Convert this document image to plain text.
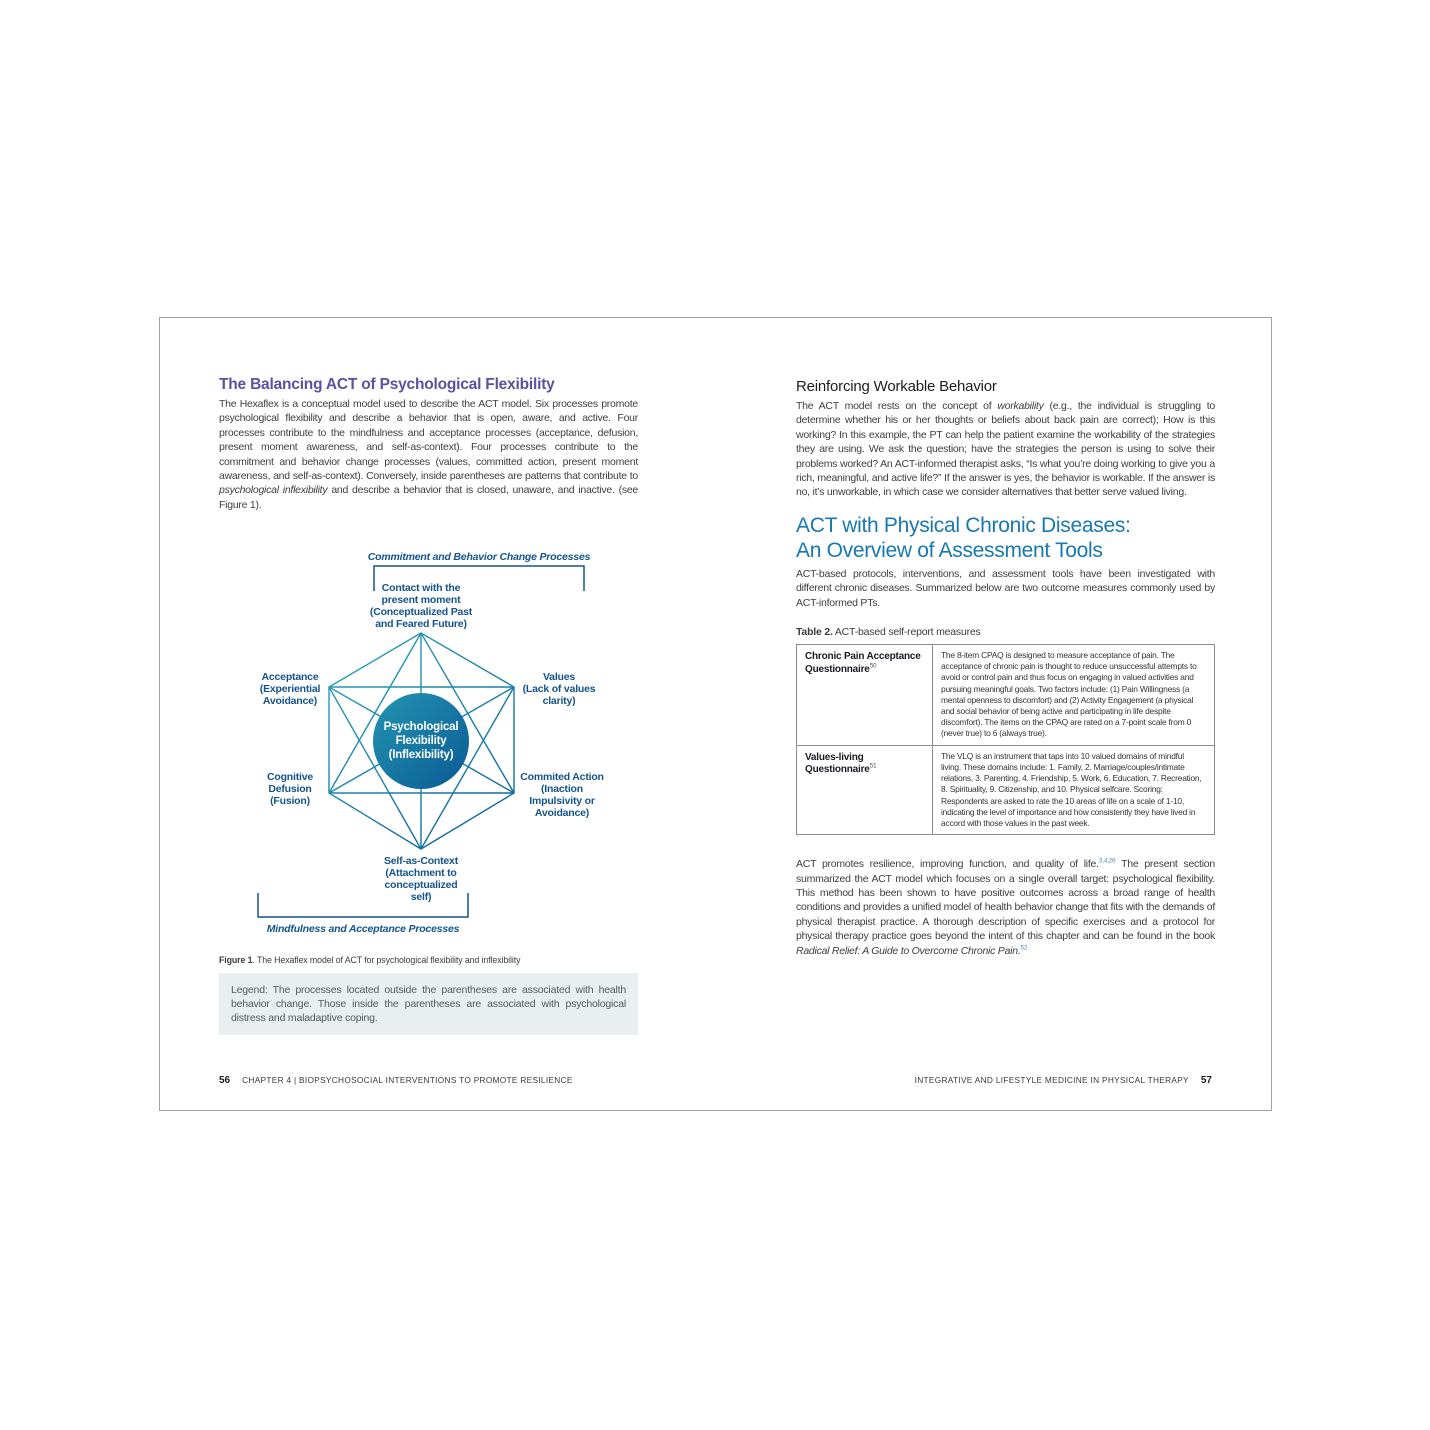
The Balancing ACT of Psychological Flexibility
The Hexaflex is a conceptual model used to describe the ACT model. Six processes promote psychological flexibility and describe a behavior that is open, aware, and active. Four processes contribute to the mindfulness and acceptance processes (acceptance, defusion, present moment awareness, and self-as-context). Four processes contribute to the commitment and behavior change processes (values, committed action, present moment awareness, and self-as-context). Conversely, inside parentheses are patterns that contribute to psychological inflexibility and describe a behavior that is closed, unaware, and inactive. (see Figure 1).
Commitment and Behavior Change Processes
Psychological
Flexibility
(Inflexibility)
Contact with the
present moment
(Conceptualized Past
and Feared Future)
Acceptance
(Experiential
Avoidance)
Values
(Lack of values
clarity)
Cognitive
Defusion
(Fusion)
Commited Action
(Inaction
Impulsivity or
Avoidance)
Self-as-Context
(Attachment to
conceptualized
self)
Mindfulness and Acceptance Processes
Figure 1. The Hexaflex model of ACT for psychological flexibility and inflexibility
Legend: The processes located outside the parentheses are associated with health behavior change. Those inside the parentheses are associated with psychological distress and maladaptive coping.
56 CHAPTER 4 | BIOPSYCHOSOCIAL INTERVENTIONS TO PROMOTE RESILIENCE
Reinforcing Workable Behavior
The ACT model rests on the concept of workability (e.g., the individual is struggling to determine whether his or her thoughts or beliefs about back pain are correct); How is this working? In this example, the PT can help the patient examine the workability of the strategies they are using. We ask the question; have the strategies the person is using to solve their problems worked? An ACT-informed therapist asks, “Is what you’re doing working to give you a rich, meaningful, and active life?” If the answer is yes, the behavior is workable. If the answer is no, it’s unworkable, in which case we consider alternatives that better serve valued living.
ACT with Physical Chronic Diseases:
An Overview of Assessment Tools
ACT-based protocols, interventions, and assessment tools have been investigated with different chronic diseases. Summarized below are two outcome measures commonly used by ACT-informed PTs.
Table 2. ACT-based self-report measures
Chronic Pain Acceptance Questionnaire$^{50}$	The 8-item CPAQ is designed to measure acceptance of pain. The acceptance of chronic pain is thought to reduce unsuccessful attempts to avoid or control pain and thus focus on engaging in valued activities and pursuing meaningful goals. Two factors include: (1) Pain Willingness (a mental openness to discomfort) and (2) Activity Engagement (a physical and social behavior of being active and participating in life despite discomfort). The items on the CPAQ are rated on a 7-point scale from 0 (never true) to 6 (always true).
Values-living Questionnaire$^{51}$	The VLQ is an instrument that taps into 10 valued domains of mindful living. These domains include: 1. Family, 2. Marriage/couples/intimate relations, 3. Parenting, 4. Friendship, 5. Work, 6. Education, 7. Recreation, 8. Spirituality, 9. Citizenship, and 10. Physical selfcare. Scoring: Respondents are asked to rate the 10 areas of life on a scale of 1-10, indicating the level of importance and how consistently they have lived in accord with those values in the past week.
ACT promotes resilience, improving function, and quality of life.$^{3,4,26}$ The present section summarized the ACT model which focuses on a single overall target: psychological flexibility. This method has been shown to have positive outcomes across a broad range of health conditions and provides a unified model of health behavior change that fits with the demands of physical therapist practice. A thorough description of specific exercises and a protocol for physical therapy practice goes beyond the intent of this chapter and can be found in the book Radical Relief: A Guide to Overcome Chronic Pain.$^{52}$
INTEGRATIVE AND LIFESTYLE MEDICINE IN PHYSICAL THERAPY 57
